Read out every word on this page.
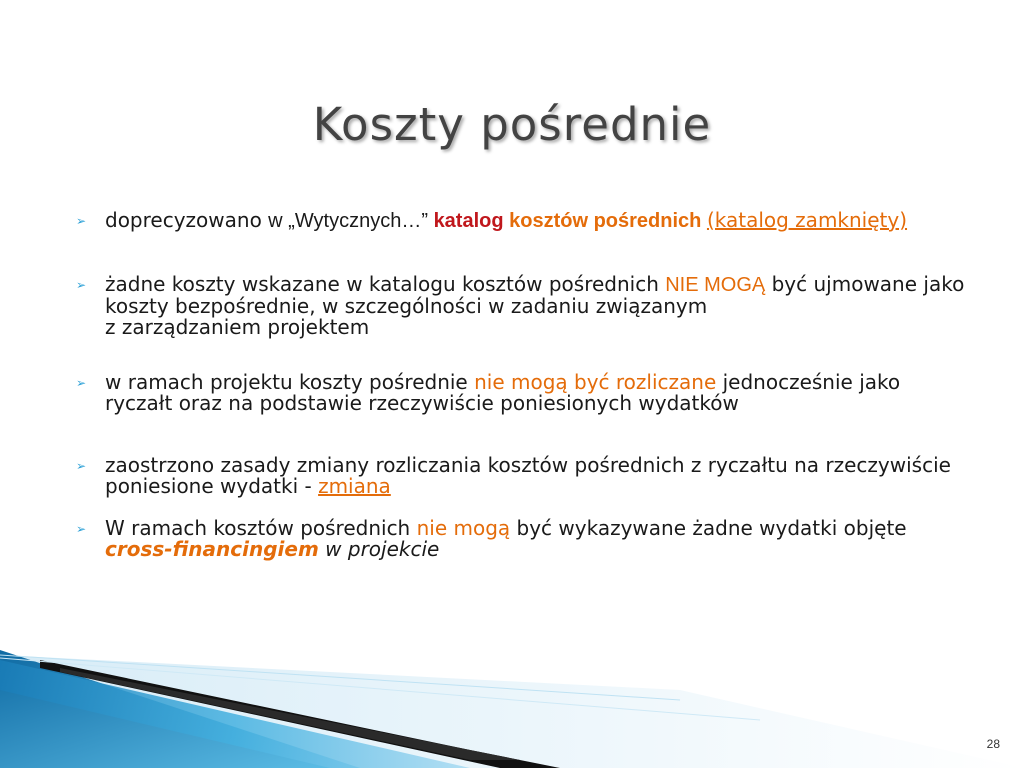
Koszty pośrednie
➢ doprecyzowano w „Wytycznych…” katalog kosztów pośrednich (katalog zamknięty)
➢ żadne koszty wskazane w katalogu kosztów pośrednich NIE MOGĄ być ujmowane jako koszty bezpośrednie, w szczególności w zadaniu związanym
z zarządzaniem projektem
➢ w ramach projektu koszty pośrednie nie mogą być rozliczane jednocześnie jako ryczałt oraz na podstawie rzeczywiście poniesionych wydatków
➢ zaostrzono zasady zmiany rozliczania kosztów pośrednich z ryczałtu na rzeczywiście poniesione wydatki - zmiana
➢ W ramach kosztów pośrednich nie mogą być wykazywane żadne wydatki objęte cross-financingiem w projekcie
28
